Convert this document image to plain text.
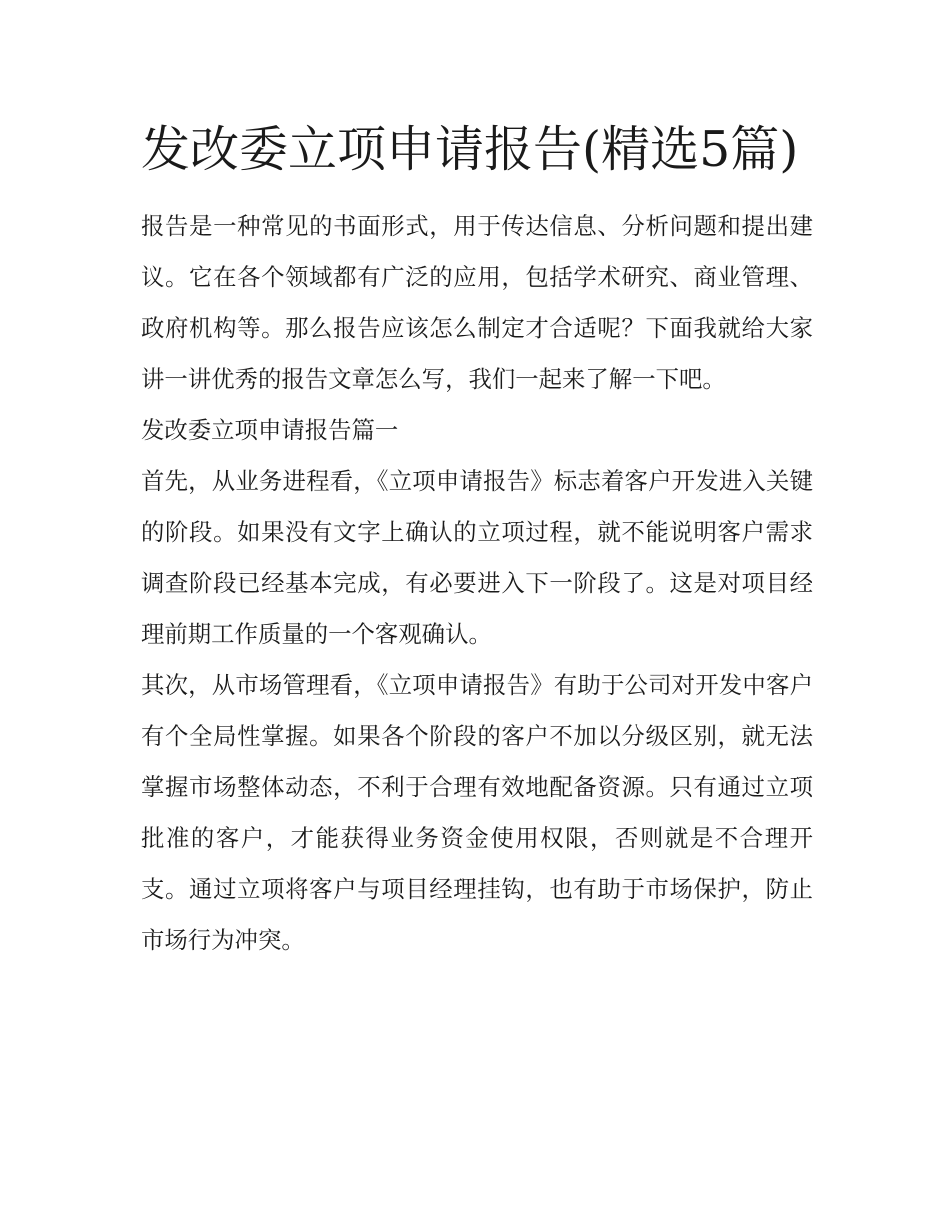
发改委立项申请报告(精选5篇)

报告是一种常见的书面形式，用于传达信息、分析问题和提出建议。它在各个领域都有广泛的应用，包括学术研究、商业管理、政府机构等。那么报告应该怎么制定才合适呢？下面我就给大家讲一讲优秀的报告文章怎么写，我们一起来了解一下吧。

发改委立项申请报告篇一

首先，从业务进程看，《立项申请报告》标志着客户开发进入关键的阶段。如果没有文字上确认的立项过程，就不能说明客户需求调查阶段已经基本完成，有必要进入下一阶段了。这是对项目经理前期工作质量的一个客观确认。

其次，从市场管理看，《立项申请报告》有助于公司对开发中客户有个全局性掌握。如果各个阶段的客户不加以分级区别，就无法掌握市场整体动态，不利于合理有效地配备资源。只有通过立项批准的客户，才能获得业务资金使用权限，否则就是不合理开支。通过立项将客户与项目经理挂钩，也有助于市场保护，防止市场行为冲突。
